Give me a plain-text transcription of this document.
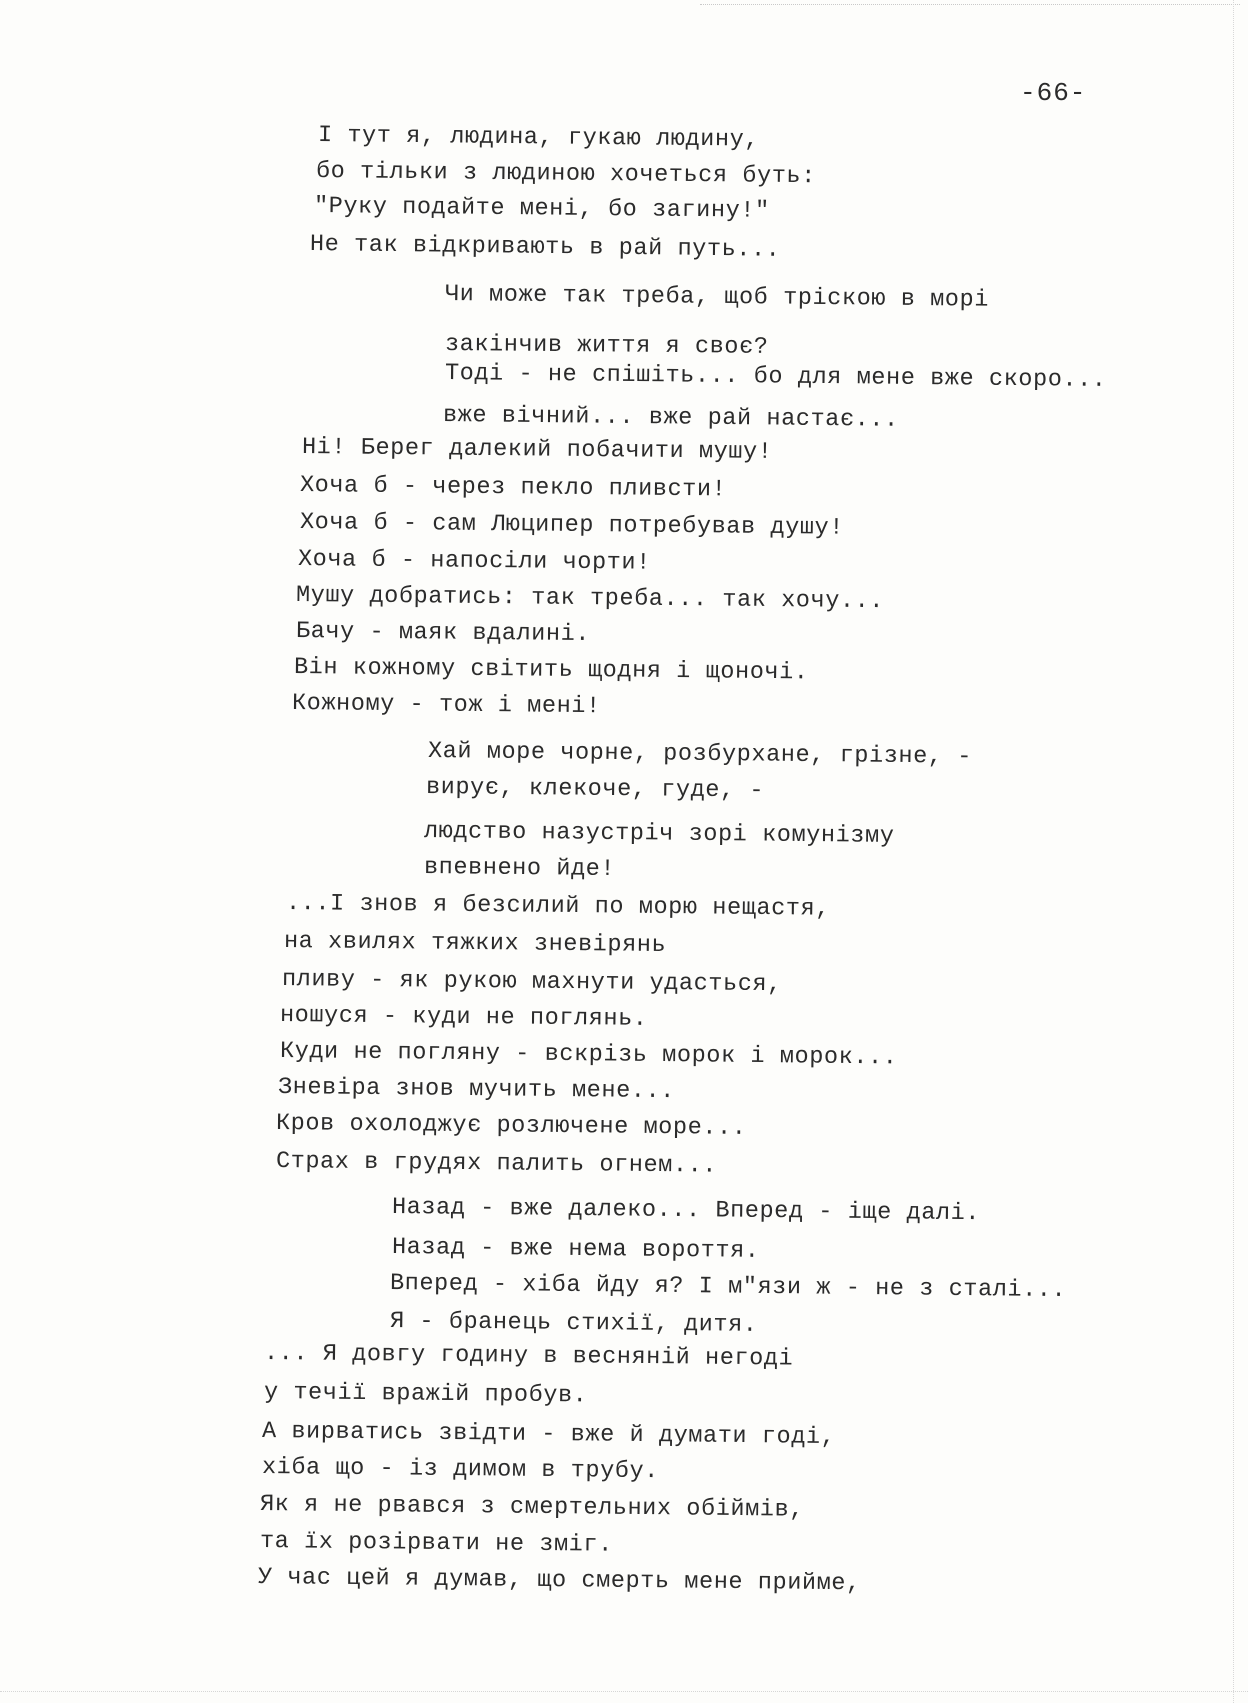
-66-
І тут я, людина, гукаю людину,
бо тільки з людиною хочеться буть:
"Руку подайте мені, бо загину!"
Не так відкривають в рай путь...
Чи може так треба, щоб тріскою в морі
закінчив життя я своє?
Тоді - не спішіть... бо для мене вже скоро...
вже вічний... вже рай настає...
Ні! Берег далекий побачити мушу!
Хоча б - через пекло пливсти!
Хоча б - сам Люципер потребував душу!
Хоча б - напосіли чорти!
Мушу добратись: так треба... так хочу...
Бачу - маяк вдалині.
Він кожному світить щодня і щоночі.
Кожному - тож і мені!
Хай море чорне, розбурхане, грізне, -
вирує, клекоче, гуде, -
людство назустріч зорі комунізму
впевнено йде!
...І знов я безсилий по морю нещастя,
на хвилях тяжких зневірянь
пливу - як рукою махнути удасться,
ношуся - куди не поглянь.
Куди не погляну - вскрізь морок і морок...
Зневіра знов мучить мене...
Кров охолоджує розлючене море...
Страх в грудях палить огнем...
Назад - вже далеко... Вперед - іще далі.
Назад - вже нема вороття.
Вперед - хіба йду я? І м"язи ж - не з сталі...
Я - бранець стихії, дитя.
... Я довгу годину в весняній негоді
у течії вражій пробув.
А вирватись звідти - вже й думати годі,
хіба що - із димом в трубу.
Як я не рвався з смертельних обіймів,
та їх розірвати не зміг.
У час цей я думав, що смерть мене прийме,
